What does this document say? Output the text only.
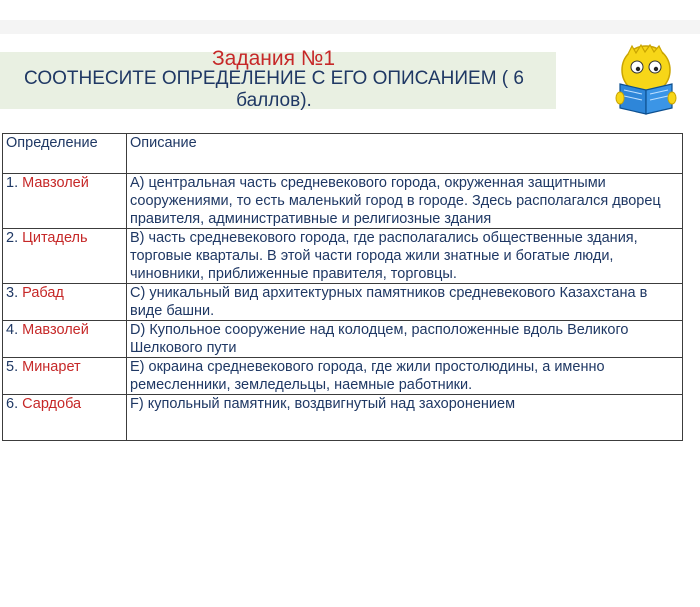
Задания №1
СООТНЕСИТЕ ОПРЕДЕЛЕНИЕ С ЕГО ОПИСАНИЕМ ( 6 баллов).
Определение	Описание
1. Мавзолей	А) центральная часть средневекового города, окруженная защитными сооружениями, то есть маленький город в городе. Здесь располагался дворец правителя, административные и религиозные здания
2. Цитадель	В) часть средневекового города, где располагались общественные здания, торговые кварталы. В этой части города жили знатные и богатые люди, чиновники, приближенные правителя, торговцы.
3. Рабад	С) уникальный вид архитектурных памятников средневекового Казахстана в виде башни.
4. Мавзолей	D) Купольное сооружение над колодцем, расположенные вдоль Великого Шелкового пути
5. Минарет	Е) окраина средневекового города, где жили простолюдины, а именно ремесленники, земледельцы, наемные работники.
6. Сардоба	F) купольный памятник, воздвигнутый над захоронением
